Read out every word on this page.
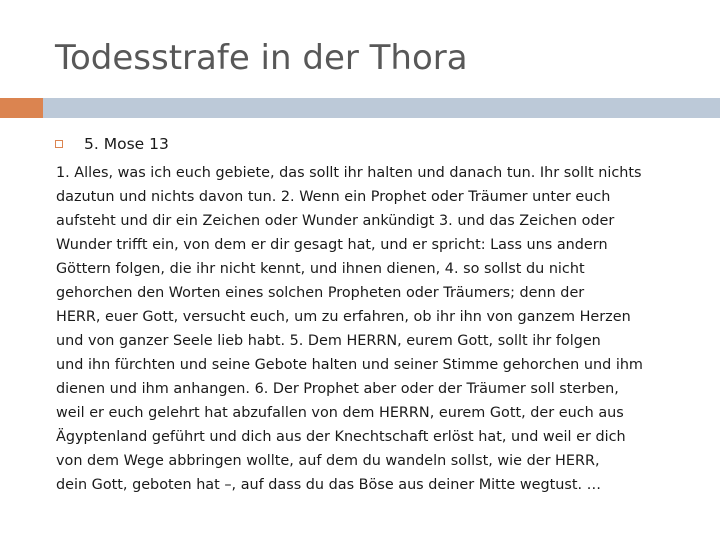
Todesstrafe in der Thora
5. Mose 13

1. Alles, was ich euch gebiete, das sollt ihr halten und danach tun. Ihr sollt nichts
dazutun und nichts davon tun. 2. Wenn ein Prophet oder Träumer unter euch
aufsteht und dir ein Zeichen oder Wunder ankündigt 3. und das Zeichen oder
Wunder trifft ein, von dem er dir gesagt hat, und er spricht: Lass uns andern
Göttern folgen, die ihr nicht kennt, und ihnen dienen, 4. so sollst du nicht
gehorchen den Worten eines solchen Propheten oder Träumers; denn der
HERR, euer Gott, versucht euch, um zu erfahren, ob ihr ihn von ganzem Herzen
und von ganzer Seele lieb habt. 5. Dem HERRN, eurem Gott, sollt ihr folgen
und ihn fürchten und seine Gebote halten und seiner Stimme gehorchen und ihm
dienen und ihm anhangen. 6. Der Prophet aber oder der Träumer soll sterben,
weil er euch gelehrt hat abzufallen von dem HERRN, eurem Gott, der euch aus
Ägyptenland geführt und dich aus der Knechtschaft erlöst hat, und weil er dich
von dem Wege abbringen wollte, auf dem du wandeln sollst, wie der HERR,
dein Gott, geboten hat –, auf dass du das Böse aus deiner Mitte wegtust. …
